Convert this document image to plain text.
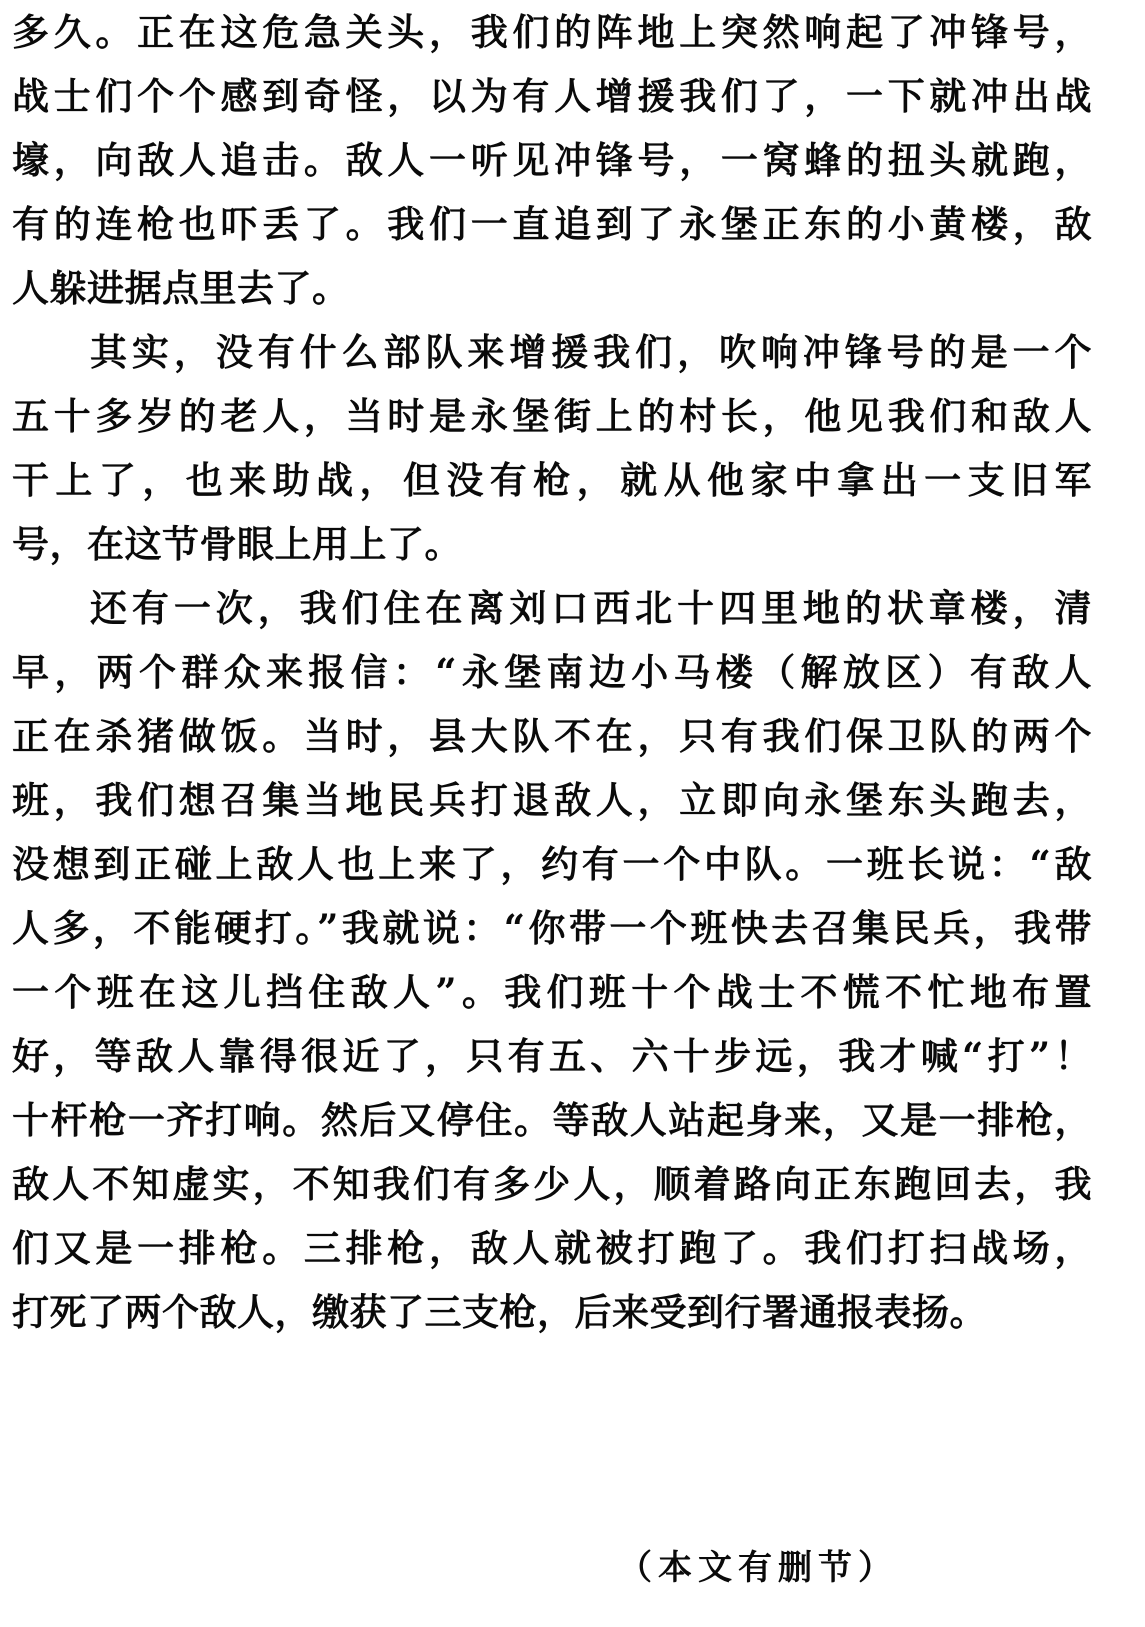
多久。正在这危急关头，我们的阵地上突然响起了冲锋号，
战士们个个感到奇怪，以为有人增援我们了，一下就冲出战
壕，向敌人追击。敌人一听见冲锋号，一窝蜂的扭头就跑，
有的连枪也吓丢了。我们一直追到了永堡正东的小黄楼，敌
人躲进据点里去了。
其实，没有什么部队来增援我们，吹响冲锋号的是一个
五十多岁的老人，当时是永堡街上的村长，他见我们和敌人
干上了，也来助战，但没有枪，就从他家中拿出一支旧军
号，在这节骨眼上用上了。
还有一次，我们住在离刘口西北十四里地的状章楼，清
早，两个群众来报信：“永堡南边小马楼（解放区）有敌人
正在杀猪做饭。当时，县大队不在，只有我们保卫队的两个
班，我们想召集当地民兵打退敌人，立即向永堡东头跑去，
没想到正碰上敌人也上来了，约有一个中队。一班长说：“敌
人多，不能硬打。”我就说：“你带一个班快去召集民兵，我带
一个班在这儿挡住敌人”。我们班十个战士不慌不忙地布置
好，等敌人靠得很近了，只有五、六十步远，我才喊“打”！
十杆枪一齐打响。然后又停住。等敌人站起身来，又是一排枪，
敌人不知虚实，不知我们有多少人，顺着路向正东跑回去，我
们又是一排枪。三排枪，敌人就被打跑了。我们打扫战场，
打死了两个敌人，缴获了三支枪，后来受到行署通报表扬。
（本文有删节）
